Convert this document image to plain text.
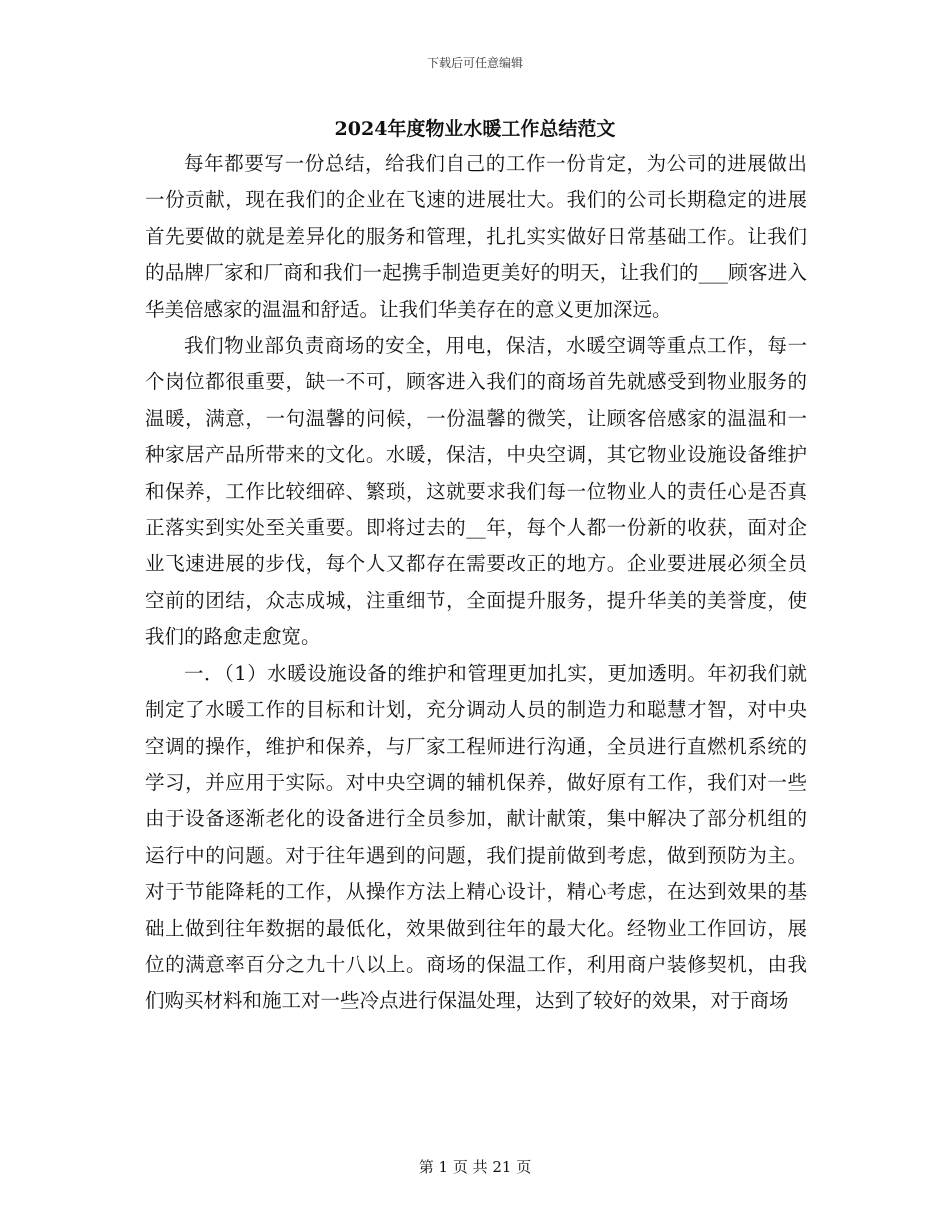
下载后可任意编辑
2024年度物业水暖工作总结范文

每年都要写一份总结，给我们自己的工作一份肯定，为公司的进展做出一份贡献，现在我们的企业在飞速的进展壮大。我们的公司长期稳定的进展首先要做的就是差异化的服务和管理，扎扎实实做好日常基础工作。让我们的品牌厂家和厂商和我们一起携手制造更美好的明天，让我们的___顾客进入华美倍感家的温温和舒适。让我们华美存在的意义更加深远。

我们物业部负责商场的安全，用电，保洁，水暖空调等重点工作，每一个岗位都很重要，缺一不可，顾客进入我们的商场首先就感受到物业服务的温暖，满意，一句温馨的问候，一份温馨的微笑，让顾客倍感家的温温和一种家居产品所带来的文化。水暖，保洁，中央空调，其它物业设施设备维护和保养，工作比较细碎、繁琐，这就要求我们每一位物业人的责任心是否真正落实到实处至关重要。即将过去的__年，每个人都一份新的收获，面对企业飞速进展的步伐，每个人又都存在需要改正的地方。企业要进展必须全员空前的团结，众志成城，注重细节，全面提升服务，提升华美的美誉度，使我们的路愈走愈宽。

一．（1）水暖设施设备的维护和管理更加扎实，更加透明。年初我们就制定了水暖工作的目标和计划，充分调动人员的制造力和聪慧才智，对中央空调的操作，维护和保养，与厂家工程师进行沟通，全员进行直燃机系统的学习，并应用于实际。对中央空调的辅机保养，做好原有工作，我们对一些由于设备逐渐老化的设备进行全员参加，献计献策，集中解决了部分机组的运行中的问题。对于往年遇到的问题，我们提前做到考虑，做到预防为主。对于节能降耗的工作，从操作方法上精心设计，精心考虑，在达到效果的基础上做到往年数据的最低化，效果做到往年的最大化。经物业工作回访，展位的满意率百分之九十八以上。商场的保温工作，利用商户装修契机，由我们购买材料和施工对一些冷点进行保温处理，达到了较好的效果，对于商场

第 1 页 共 21 页
